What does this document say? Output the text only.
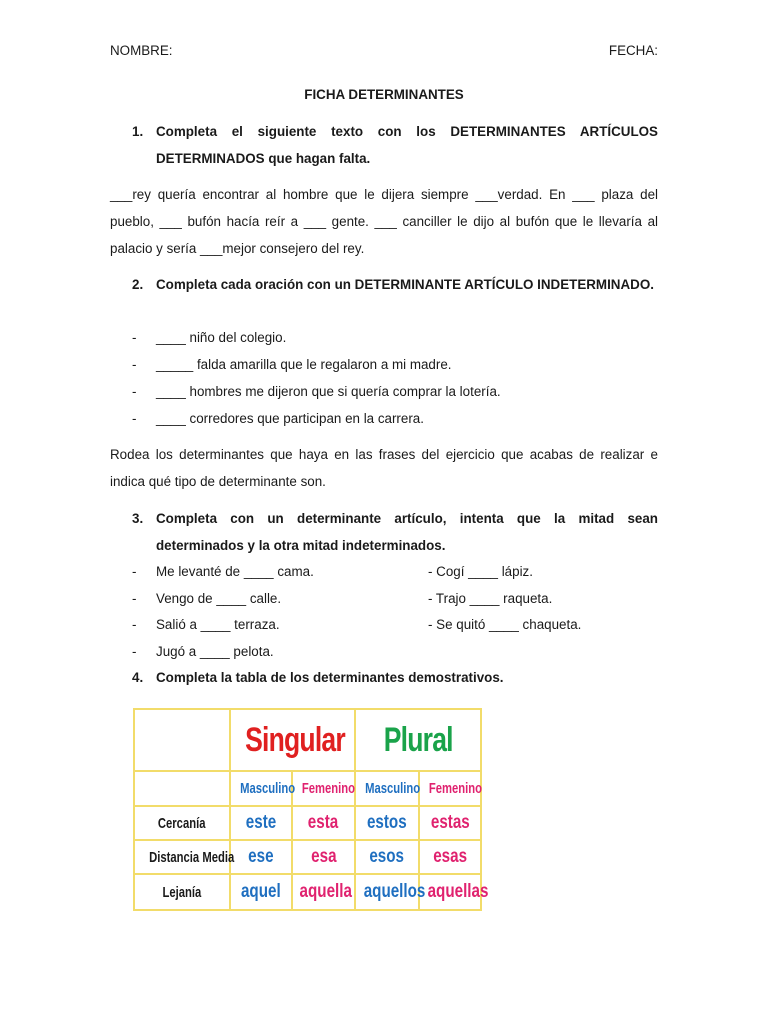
NOMBRE:	FECHA:
FICHA DETERMINANTES
1. Completa el siguiente texto con los DETERMINANTES ARTÍCULOS DETERMINADOS que hagan falta.
___rey quería encontrar al hombre que le dijera siempre ___verdad. En ___ plaza del pueblo, ___ bufón hacía reír a ___ gente. ___ canciller le dijo al bufón que le llevaría al palacio y sería ___mejor consejero del rey.
2. Completa cada oración con un DETERMINANTE ARTÍCULO INDETERMINADO.
-	____ niño del colegio.
-	_____ falda amarilla que le regalaron a mi madre.
-	____ hombres me dijeron que si quería comprar la lotería.
-	____ corredores que participan en la carrera.
Rodea los determinantes que haya en las frases del ejercicio que acabas de realizar e indica qué tipo de determinante son.
3. Completa con un determinante artículo, intenta que la mitad sean determinados y la otra mitad indeterminados.
-	Me levanté de ____ cama.
-	Vengo de ____ calle.
-	Salió a ____ terraza.
-	Jugó a ____ pelota.
- Cogí ____ lápiz.
- Trajo ____ raqueta.
- Se quitó ____ chaqueta.
4. Completa la tabla de los determinantes demostrativos.
	Singular		Plural	
	Masculino	Femenino	Masculino	Femenino
Cercanía	este	esta	estos	estas
Distancia Media	ese	esa	esos	esas
Lejanía	aquel	aquella	aquellos	aquellas
